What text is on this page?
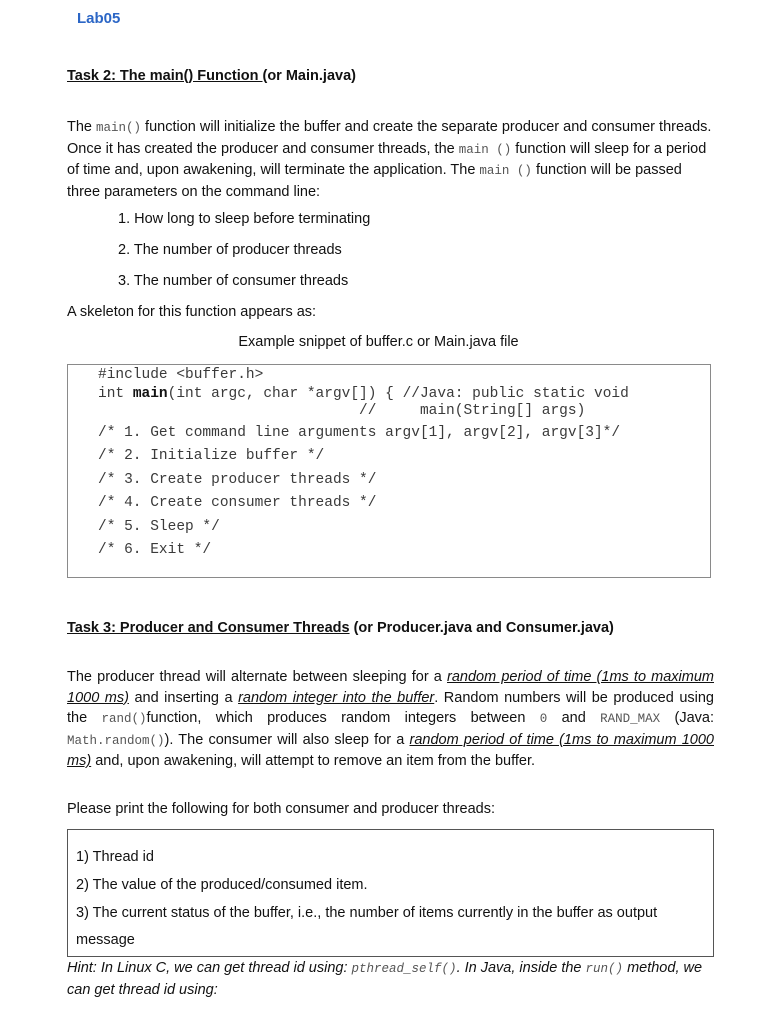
Lab05
Task 2: The main() Function (or Main.java)
The main() function will initialize the buffer and create the separate producer and consumer threads. Once it has created the producer and consumer threads, the main () function will sleep for a period of time and, upon awakening, will terminate the application. The main () function will be passed three parameters on the command line:
1. How long to sleep before terminating
2. The number of producer threads
3. The number of consumer threads
A skeleton for this function appears as:
Example snippet of buffer.c or Main.java file
#include <buffer.h>
int main(int argc, char *argv[]) { //Java: public static void
//     main(String[] args)
/* 1. Get command line arguments argv[1], argv[2], argv[3]*/
/* 2. Initialize buffer */
/* 3. Create producer threads */
/* 4. Create consumer threads */
/* 5. Sleep */
/* 6. Exit */
Task 3: Producer and Consumer Threads (or Producer.java and Consumer.java)
The producer thread will alternate between sleeping for a random period of time (1ms to maximum 1000 ms) and inserting a random integer into the buffer. Random numbers will be produced using the rand()function, which produces random integers between 0 and RAND_MAX (Java: Math.random()). The consumer will also sleep for a random period of time (1ms to maximum 1000 ms) and, upon awakening, will attempt to remove an item from the buffer.
Please print the following for both consumer and producer threads:
1) Thread id
2) The value of the produced/consumed item.
3) The current status of the buffer, i.e., the number of items currently in the buffer as output
message
Hint: In Linux C, we can get thread id using: pthread_self(). In Java, inside the run() method, we can get thread id using:
